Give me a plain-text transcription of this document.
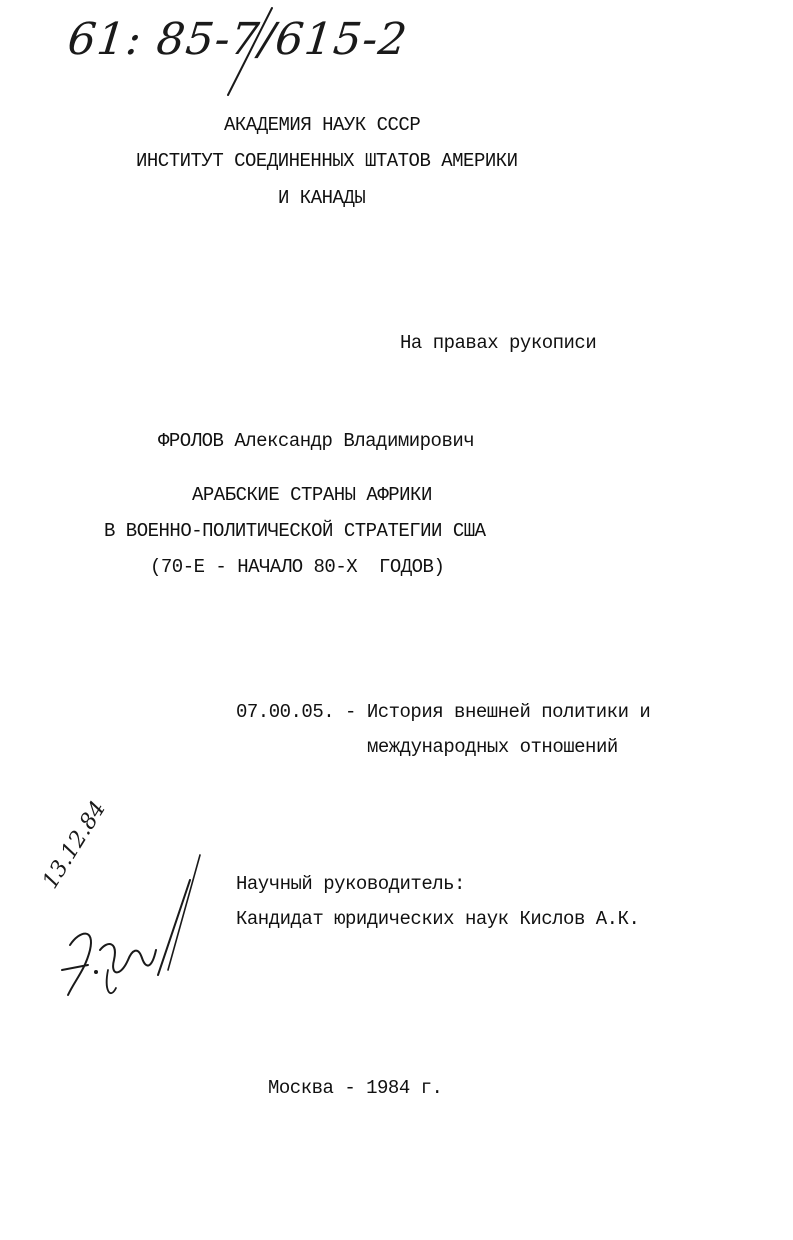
61: 85-7/615-2
АКАДЕМИЯ НАУК СССР
ИНСТИТУТ СОЕДИНЕННЫХ ШТАТОВ АМЕРИКИ
И КАНАДЫ
На правах рукописи
ФРОЛОВ Александр Владимирович
АРАБСКИЕ СТРАНЫ АФРИКИ
В ВОЕННО-ПОЛИТИЧЕСКОЙ СТРАТЕГИИ США
(70-Е - НАЧАЛО 80-Х  ГОДОВ)
07.00.05. - История внешней политики и
международных отношений
Научный руководитель:
Кандидат юридических наук Кислов А.К.
13.12.84
Москва - 1984 г.
